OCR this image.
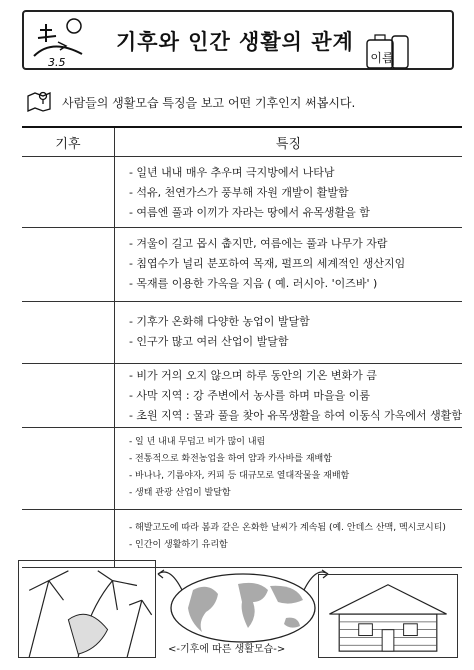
3.5
기후와 인간 생활의 관계
이름
사람들의 생활모습 특징을 보고 어떤 기후인지 써봅시다.
기후	특징

	- 일년 내내 매우 추우며 극지방에서 나타남
- 석유, 천연가스가 풍부해 자원 개발이 활발함
- 여름엔 풀과 이끼가 자라는 땅에서 유목생활을 함

	- 겨울이 길고 몹시 춥지만, 여름에는 풀과 나무가 자람
- 침엽수가 널리 분포하여 목재, 펄프의 세계적인 생산지임
- 목재를 이용한 가옥을 지음 ( 예. 러시아. '이즈바' )

	- 기후가 온화해 다양한 농업이 발달함
- 인구가 많고 여러 산업이 발달함

	- 비가 거의 오지 않으며 하루 동안의 기온 변화가 큼
- 사막 지역 : 강 주변에서 농사를 하며 마을을 이룸
- 초원 지역 : 물과 풀을 찾아 유목생활을 하여 이동식 가옥에서 생활함

	- 일 년 내내 무덥고 비가 많이 내림
- 전통적으로 화전농업을 하여 얌과 카사바를 재배함
- 바나나, 기름야자, 커피 등 대규모로 열대작물을 재배함
- 생태 관광 산업이 발달함

	- 해발고도에 따라 봄과 같은 온화한 날씨가 계속됨 (예. 안데스 산맥, 멕시코시티)
- 인간이 생활하기 유리함
<-기후에 따른 생활모습->
